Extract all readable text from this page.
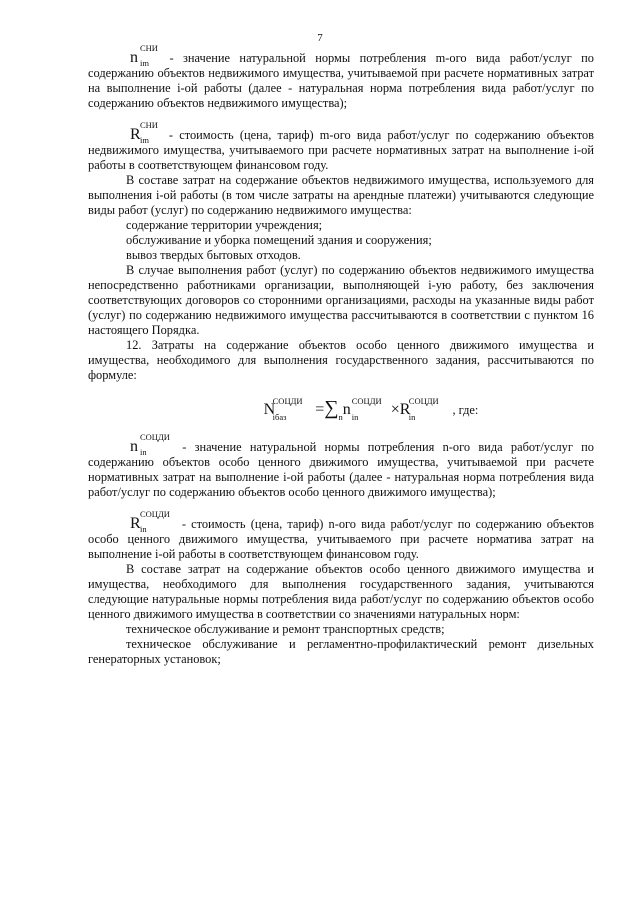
7

n
СНИ
im - значение натуральной нормы потребления m-ого вида работ/услуг по содержанию объектов недвижимого имущества, учитываемой при расчете нормативных затрат на выполнение i-ой работы (далее - натуральная норма потребления вида работ/услуг по содержанию объектов недвижимого имущества);

R
СНИ
im - стоимость (цена, тариф) m-ого вида работ/услуг по содержанию объектов недвижимого имущества, учитываемого при расчете нормативных затрат на выполнение i-ой работы в соответствующем финансовом году.

В составе затрат на содержание объектов недвижимого имущества, используемого для выполнения i-ой работы (в том числе затраты на арендные платежи) учитываются следующие виды работ (услуг) по содержанию недвижимого имущества:

содержание территории учреждения;

обслуживание и уборка помещений здания и сооружения;

вывоз твердых бытовых отходов.

В случае выполнения работ (услуг) по содержанию объектов недвижимого имущества непосредственно работниками организации, выполняющей i-ую работу, без заключения соответствующих договоров со сторонними организациями, расходы на указанные виды работ (услуг) по содержанию недвижимого имущества рассчитываются в соответствии с пунктом 16 настоящего Порядка.

12. Затраты на содержание объектов особо ценного движимого имущества и имущества, необходимого для выполнения государственного задания, рассчитываются по формуле:

N
СОЦДИ
iбаз $=\sum_nn$ СОЦДИ
in ×R
СОЦДИ
in	, где:

n
СОЦДИ
in	- значение натуральной нормы потребления n-ого вида работ/услуг по содержанию объектов особо ценного движимого имущества, учитываемой при расчете нормативных затрат на выполнение i-ой работы (далее - натуральная норма потребления вида работ/услуг по содержанию объектов особо ценного движимого имущества);

R
СОЦДИ
in	- стоимость (цена, тариф) n-ого вида работ/услуг по содержанию объектов особо ценного движимого имущества, учитываемого при расчете норматива затрат на выполнение i-ой работы в соответствующем финансовом году.

В составе затрат на содержание объектов особо ценного движимого имущества и имущества, необходимого для выполнения государственного задания, учитываются следующие натуральные нормы потребления вида работ/услуг по содержанию объектов особо ценного движимого имущества в соответствии со значениями натуральных норм:

техническое обслуживание и ремонт транспортных средств;

техническое обслуживание и регламентно-профилактический ремонт дизельных генераторных установок;
